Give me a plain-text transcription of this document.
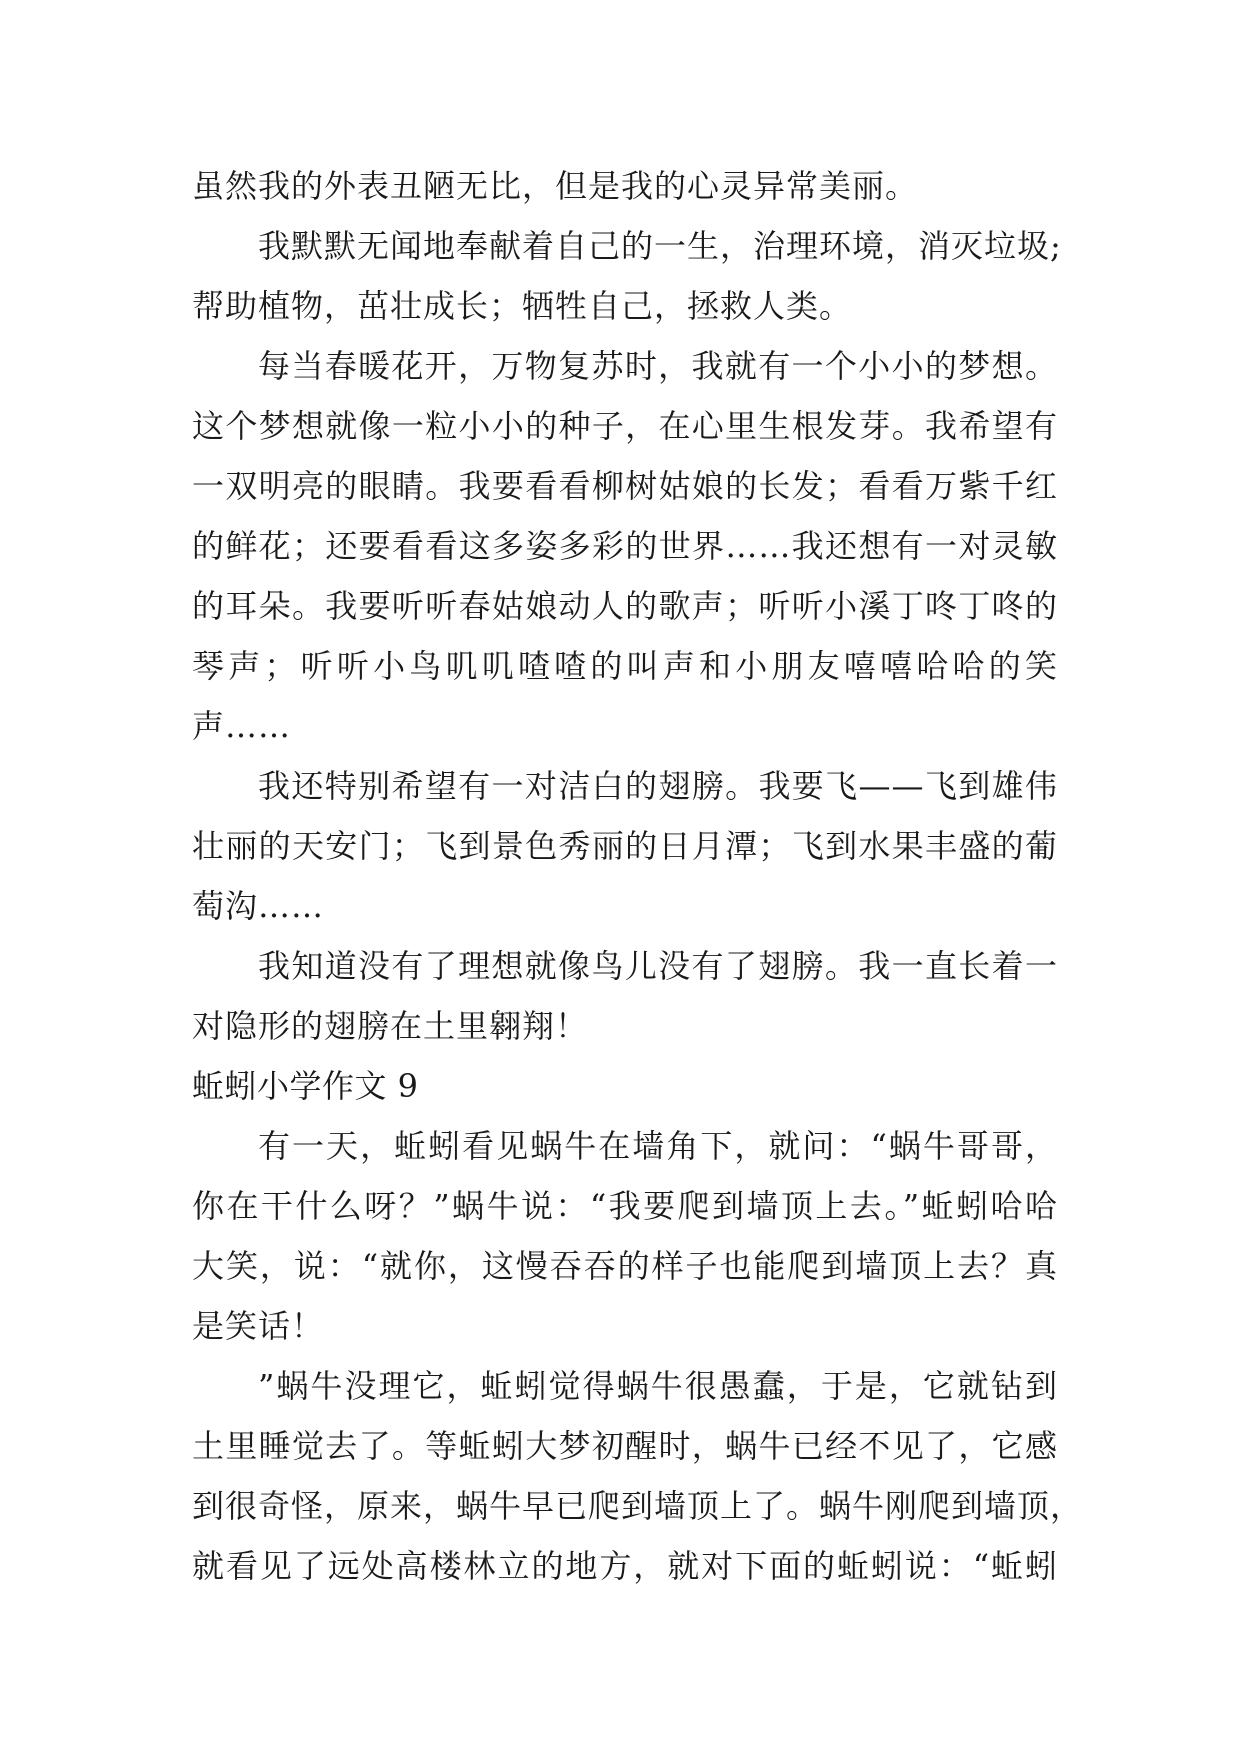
虽然我的外表丑陋无比，但是我的心灵异常美丽。
我默默无闻地奉献着自己的一生，治理环境，消灭垃圾;
帮助植物，茁壮成长；牺牲自己，拯救人类。
每当春暖花开，万物复苏时，我就有一个小小的梦想。
这个梦想就像一粒小小的种子，在心里生根发芽。我希望有
一双明亮的眼睛。我要看看柳树姑娘的长发；看看万紫千红
的鲜花；还要看看这多姿多彩的世界……我还想有一对灵敏
的耳朵。我要听听春姑娘动人的歌声；听听小溪丁咚丁咚的
琴声；听听小鸟叽叽喳喳的叫声和小朋友嘻嘻哈哈的笑
声……
我还特别希望有一对洁白的翅膀。我要飞——飞到雄伟
壮丽的天安门；飞到景色秀丽的日月潭；飞到水果丰盛的葡
萄沟……
我知道没有了理想就像鸟儿没有了翅膀。我一直长着一
对隐形的翅膀在土里翱翔！
蚯蚓小学作文 9
有一天，蚯蚓看见蜗牛在墙角下，就问：“蜗牛哥哥，
你在干什么呀？”蜗牛说：“我要爬到墙顶上去。”蚯蚓哈哈
大笑，说：“就你，这慢吞吞的样子也能爬到墙顶上去？真
是笑话！
”蜗牛没理它，蚯蚓觉得蜗牛很愚蠢，于是，它就钻到
土里睡觉去了。等蚯蚓大梦初醒时，蜗牛已经不见了，它感
到很奇怪，原来，蜗牛早已爬到墙顶上了。蜗牛刚爬到墙顶，
就看见了远处高楼林立的地方，就对下面的蚯蚓说：“蚯蚓
